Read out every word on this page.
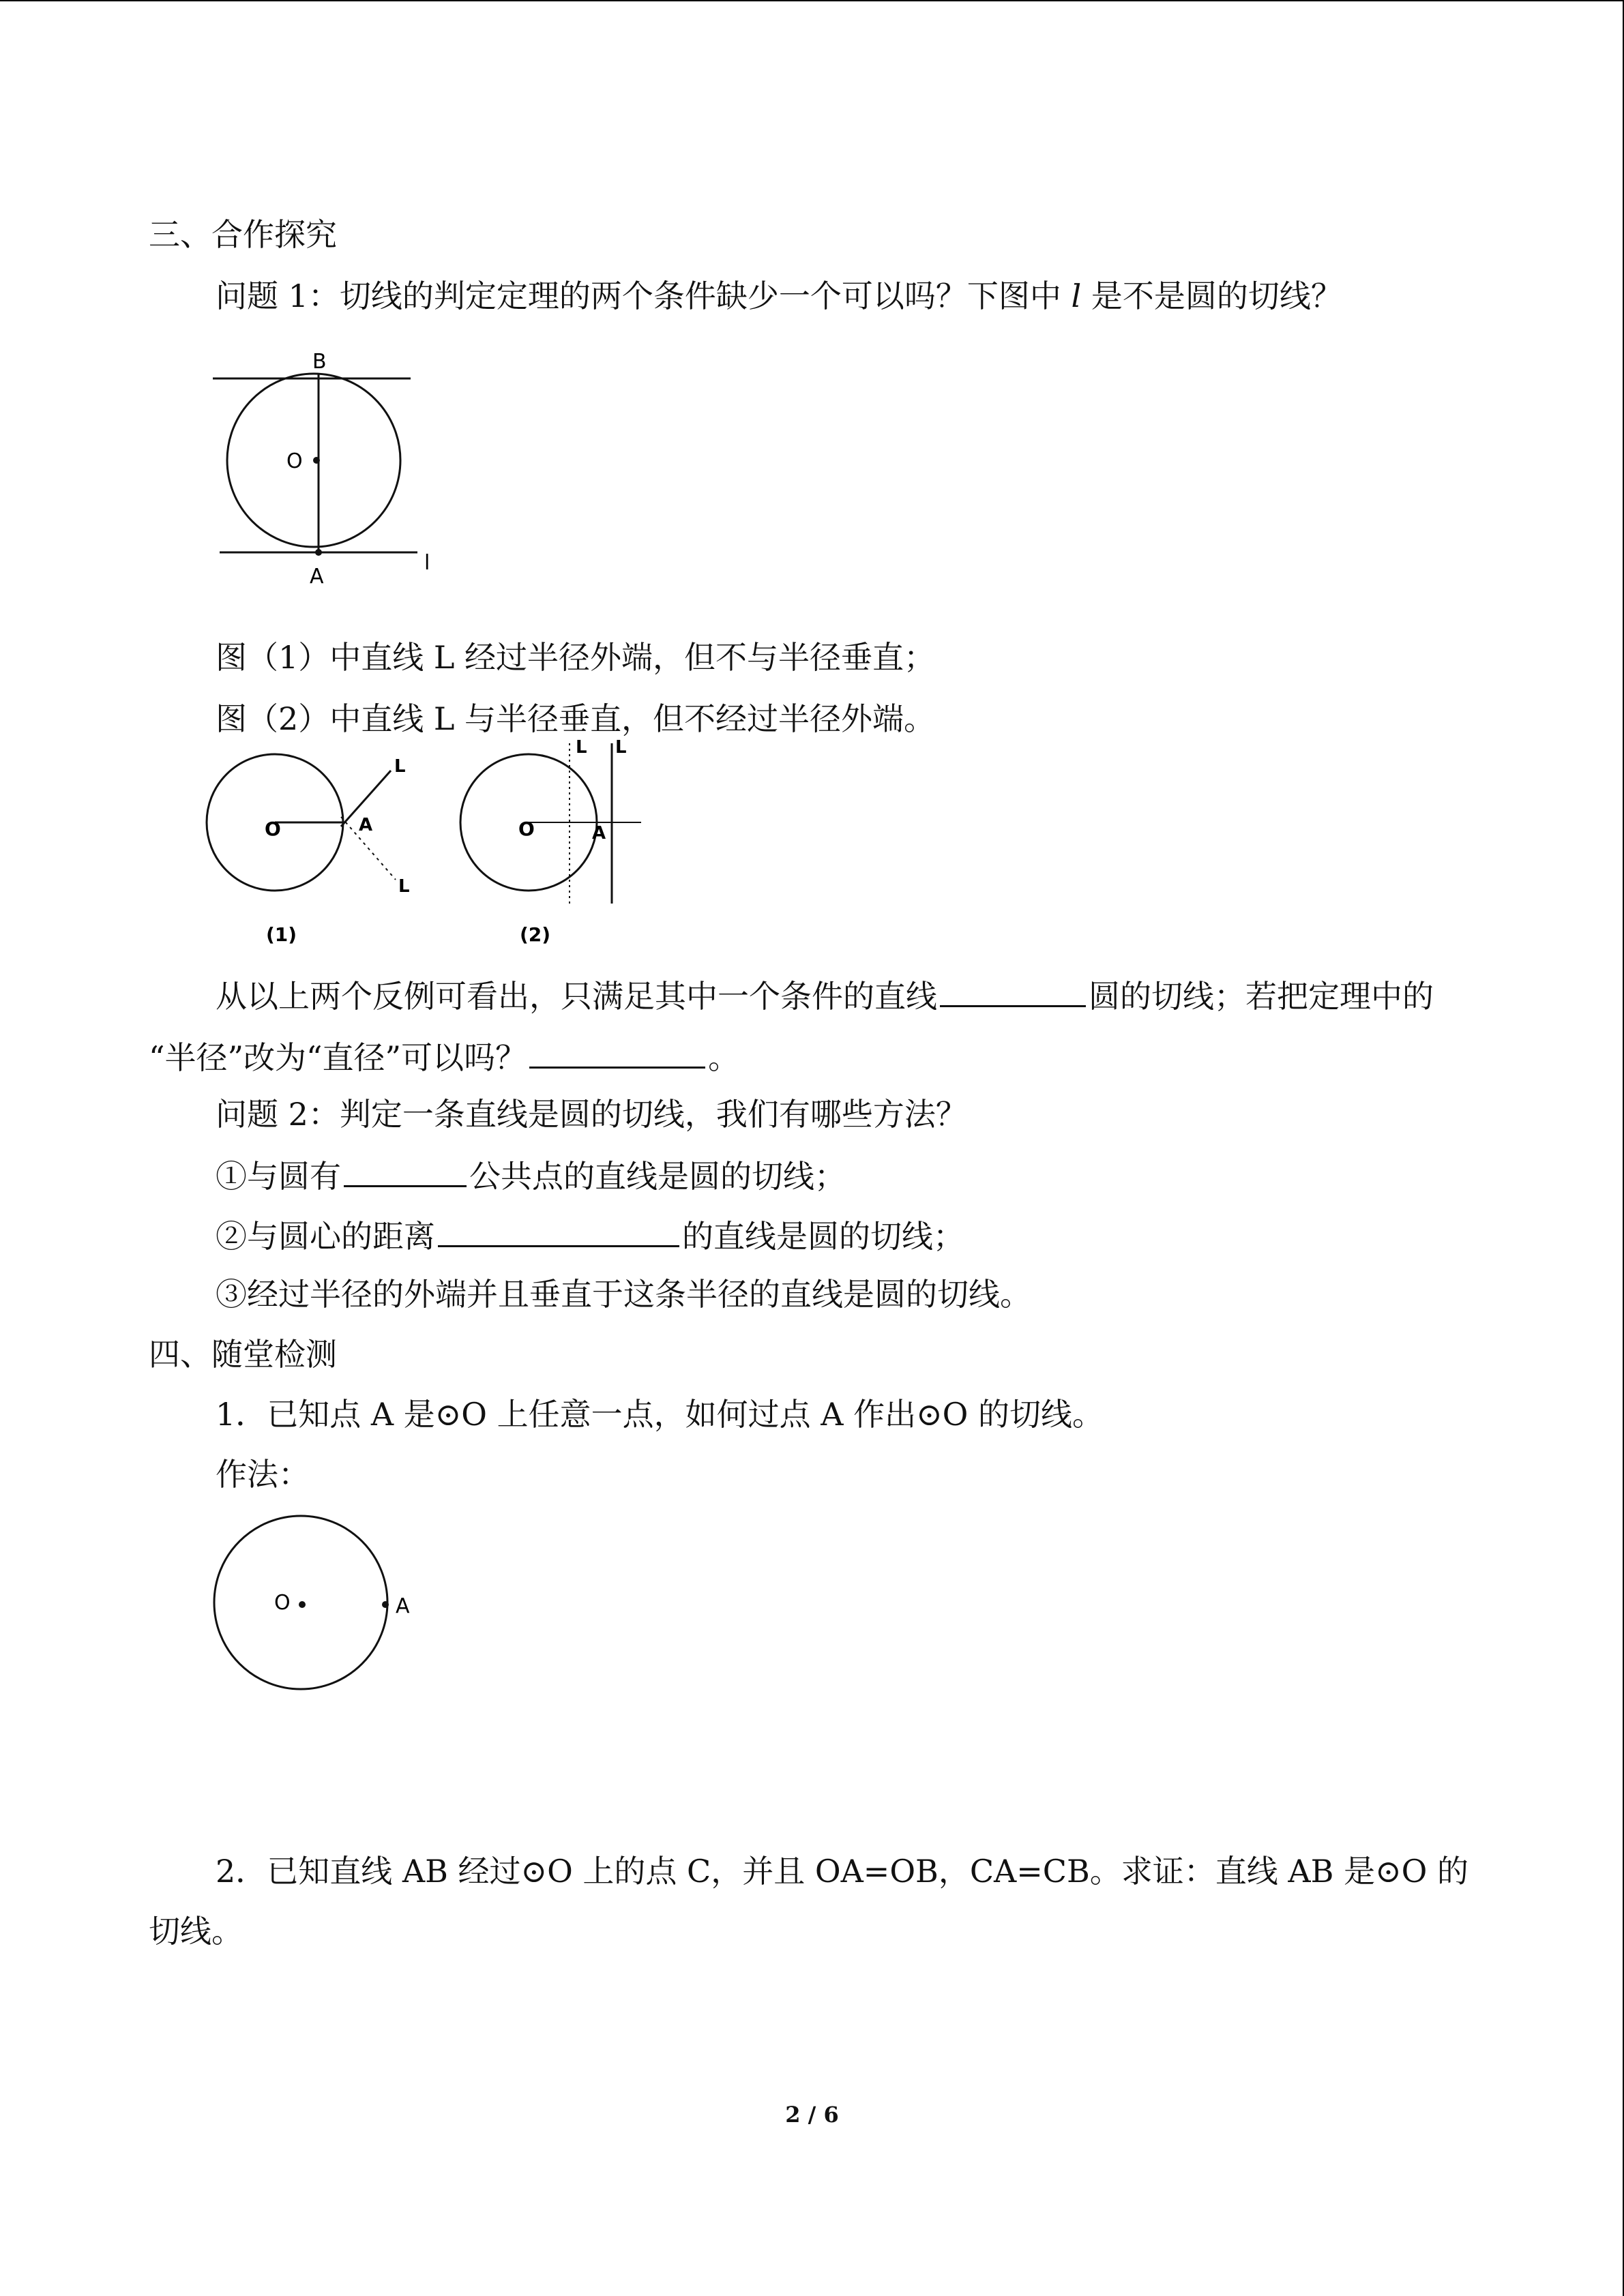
三、合作探究
问题 1：切线的判定定理的两个条件缺少一个可以吗？下图中 l 是不是圆的切线？
B
O
A
l
图（1）中直线 L 经过半径外端，但不与半径垂直；
图（2）中直线 L 与半径垂直，但不经过半径外端。
O	A
L
L
(1)
O	A
L L
(2)
从以上两个反例可看出，只满足其中一个条件的直线	圆的切线；若把定理中的
“半径”改为“直径”可以吗？	。
问题 2：判定一条直线是圆的切线，我们有哪些方法？
①与圆有	公共点的直线是圆的切线；
②与圆心的距离	的直线是圆的切线；
③经过半径的外端并且垂直于这条半径的直线是圆的切线。
四、随堂检测
1．已知点 A 是⊙O 上任意一点，如何过点 A 作出⊙O 的切线。
作法：
O	A
2．已知直线 AB 经过⊙O 上的点 C，并且 OA=OB，CA=CB。求证：直线 AB 是⊙O 的
切线。
2 / 6
